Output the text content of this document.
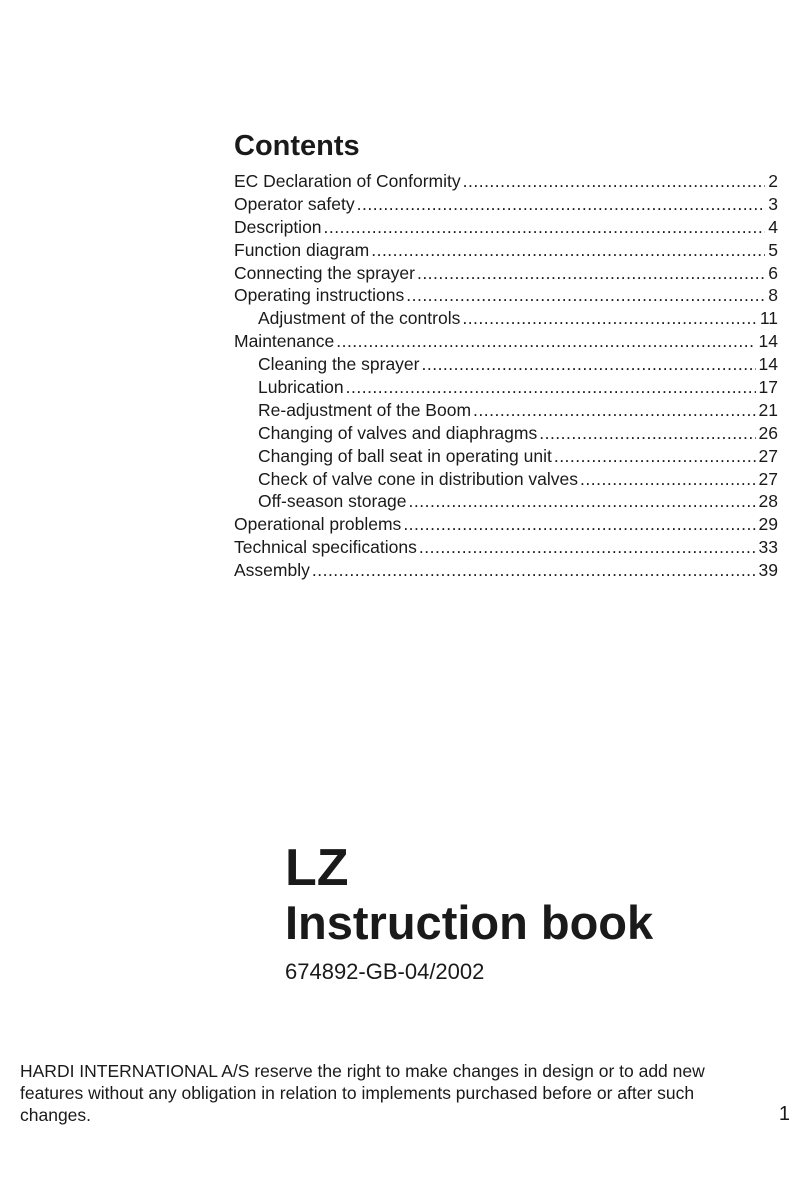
Contents
EC Declaration of Conformity .....	2
Operator safety .....	3
Description .....	4
Function diagram .....	5
Connecting the sprayer .....	6
Operating instructions .....	8
Adjustment of the controls .....	11
Maintenance .....	14
Cleaning the sprayer .....	14
Lubrication .....	17
Re-adjustment of the Boom .....	21
Changing of valves and diaphragms .....	26
Changing of ball seat in operating unit .....	27
Check of valve cone in distribution valves .....	27
Off-season storage .....	28
Operational problems .....	29
Technical specifications .....	33
Assembly .....	39
LZ
Instruction book
674892-GB-04/2002
HARDI INTERNATIONAL A/S reserve the right to make changes in design or to add new features without any obligation in relation to implements purchased before or after such changes.	1
